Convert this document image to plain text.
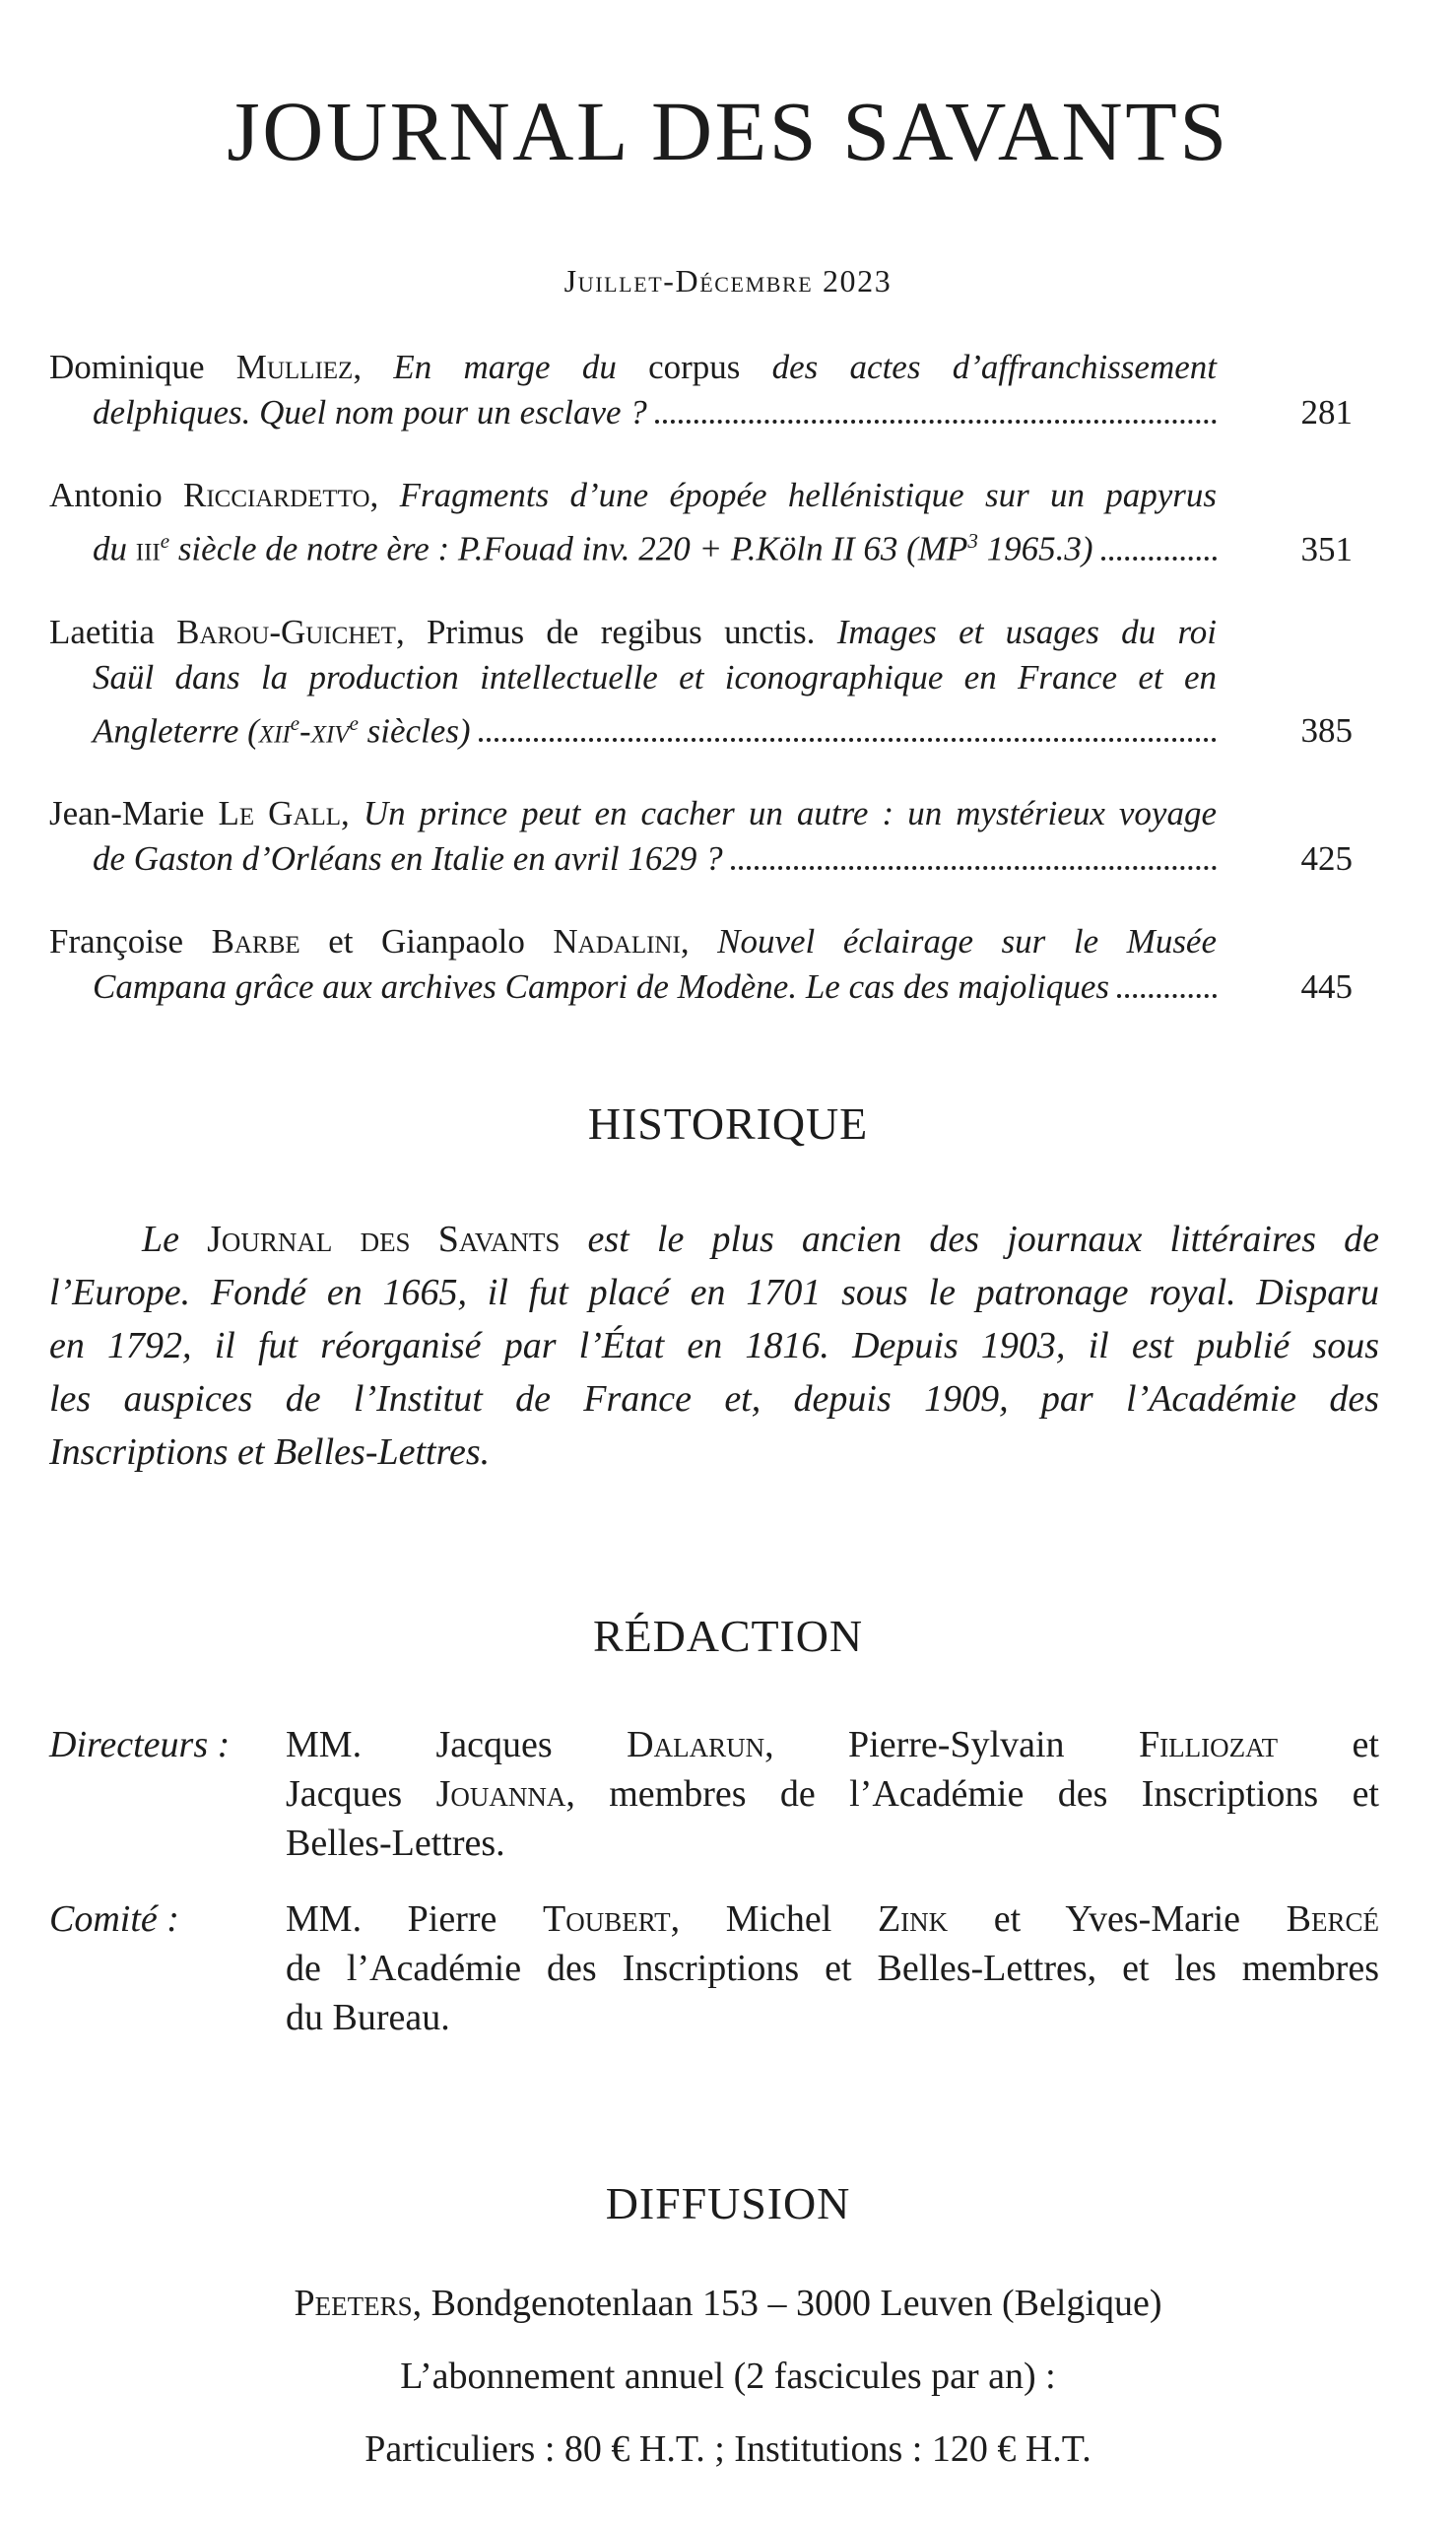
JOURNAL DES SAVANTS
Juillet-Décembre 2023
Dominique Mulliez, En marge du corpus des actes d’affranchissement
delphiques. Quel nom pour un esclave ?	281
Antonio Ricciardetto, Fragments d’une épopée hellénistique sur un papyrus
du iii$^e$ siècle de notre ère : P.Fouad inv. 220 + P.Köln II 63 ($MP^3$ 1965.3)	351
Laetitia Barou-Guichet, Primus de regibus unctis. Images et usages du roi
Saül dans la production intellectuelle et iconographique en France et en
Angleterre (xii$^e$-xiv$^e$ siècles)	385
Jean-Marie Le Gall, Un prince peut en cacher un autre : un mystérieux voyage
de Gaston d’Orléans en Italie en avril 1629 ?	425
Françoise Barbe et Gianpaolo Nadalini, Nouvel éclairage sur le Musée
Campana grâce aux archives Campori de Modène. Le cas des majoliques	445
HISTORIQUE
Le Journal des Savants est le plus ancien des journaux littéraires de
l’Europe. Fondé en 1665, il fut placé en 1701 sous le patronage royal. Disparu
en 1792, il fut réorganisé par l’État en 1816. Depuis 1903, il est publié sous
les auspices de l’Institut de France et, depuis 1909, par l’Académie des
Inscriptions et Belles-Lettres.
RÉDACTION
Directeurs :	MM. Jacques Dalarun, Pierre-Sylvain Filliozat et
Jacques Jouanna, membres de l’Académie des Inscriptions et
Belles-Lettres.
Comité :	MM. Pierre Toubert, Michel Zink et Yves-Marie Bercé
de l’Académie des Inscriptions et Belles-Lettres, et les membres
du Bureau.
DIFFUSION
Peeters, Bondgenotenlaan 153 – 3000 Leuven (Belgique)
L’abonnement annuel (2 fascicules par an) :
Particuliers : 80 € H.T. ; Institutions : 120 € H.T.
